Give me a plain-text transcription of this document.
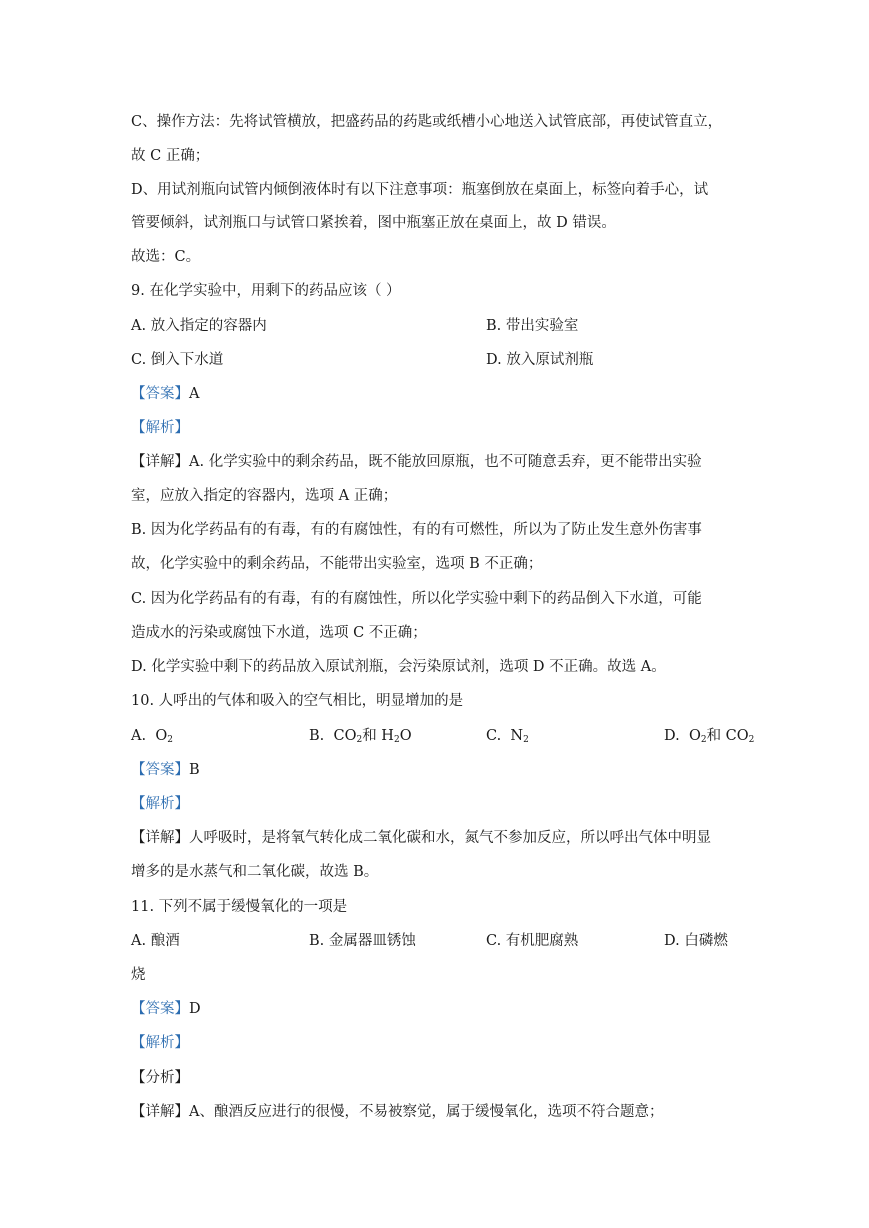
C、操作方法：先将试管横放，把盛药品的药匙或纸槽小心地送入试管底部，再使试管直立，
故 C 正确；
D、用试剂瓶向试管内倾倒液体时有以下注意事项：瓶塞倒放在桌面上，标签向着手心，试
管要倾斜，试剂瓶口与试管口紧挨着，图中瓶塞正放在桌面上，故 D 错误。
故选：C。
9. 在化学实验中，用剩下的药品应该（ ）
A. 放入指定的容器内	B. 带出实验室
C. 倒入下水道	D. 放入原试剂瓶
【答案】A
【解析】
【详解】A. 化学实验中的剩余药品，既不能放回原瓶，也不可随意丢弃，更不能带出实验
室，应放入指定的容器内，选项 A 正确；
B. 因为化学药品有的有毒，有的有腐蚀性，有的有可燃性，所以为了防止发生意外伤害事
故，化学实验中的剩余药品，不能带出实验室，选项 B 不正确；
C. 因为化学药品有的有毒，有的有腐蚀性，所以化学实验中剩下的药品倒入下水道，可能
造成水的污染或腐蚀下水道，选项 C 不正确；
D. 化学实验中剩下的药品放入原试剂瓶，会污染原试剂，选项 D 不正确。故选 A。
10. 人呼出的气体和吸入的空气相比，明显增加的是
A. $O_2$	B. $CO_2$和 $H_2O$	C. $N_2$	D. $O_2$和 $CO_2$
【答案】B
【解析】
【详解】人呼吸时，是将氧气转化成二氧化碳和水，氮气不参加反应，所以呼出气体中明显
增多的是水蒸气和二氧化碳，故选 B。
11. 下列不属于缓慢氧化的一项是
A. 酿酒	B. 金属器皿锈蚀	C. 有机肥腐熟	D. 白磷燃
烧
【答案】D
【解析】
【分析】
【详解】A、酿酒反应进行的很慢，不易被察觉，属于缓慢氧化，选项不符合题意；
